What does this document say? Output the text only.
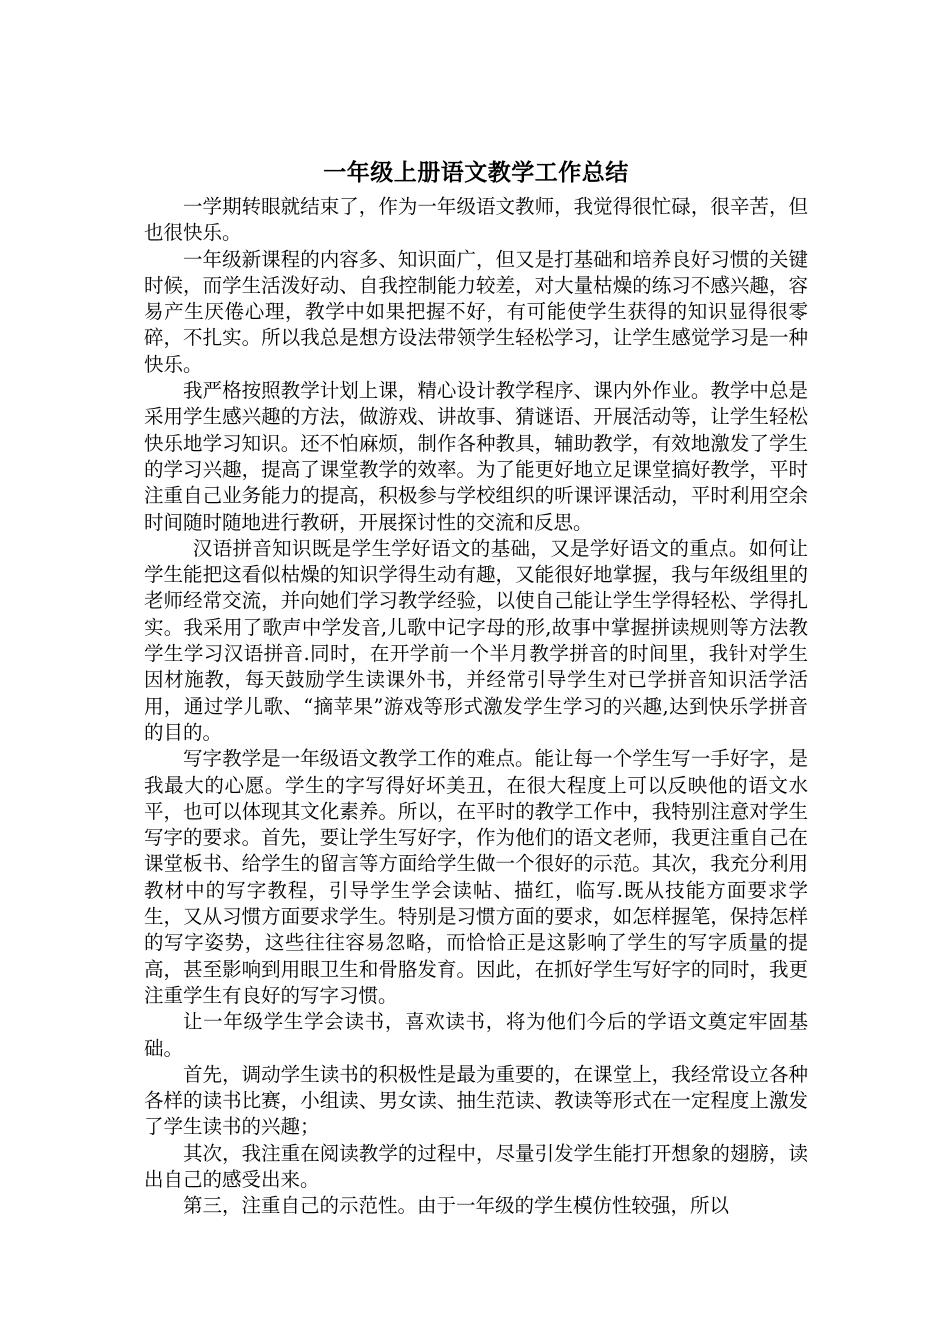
一年级上册语文教学工作总结

一学期转眼就结束了，作为一年级语文教师，我觉得很忙碌，很辛苦，但也很快乐。

一年级新课程的内容多、知识面广，但又是打基础和培养良好习惯的关键时候，而学生活泼好动、自我控制能力较差，对大量枯燥的练习不感兴趣，容易产生厌倦心理，教学中如果把握不好，有可能使学生获得的知识显得很零碎，不扎实。所以我总是想方设法带领学生轻松学习，让学生感觉学习是一种快乐。

我严格按照教学计划上课，精心设计教学程序、课内外作业。教学中总是采用学生感兴趣的方法，做游戏、讲故事、猜谜语、开展活动等，让学生轻松快乐地学习知识。还不怕麻烦，制作各种教具，辅助教学，有效地激发了学生的学习兴趣，提高了课堂教学的效率。为了能更好地立足课堂搞好教学，平时注重自己业务能力的提高，积极参与学校组织的听课评课活动，平时利用空余时间随时随地进行教研，开展探讨性的交流和反思。

汉语拼音知识既是学生学好语文的基础，又是学好语文的重点。如何让学生能把这看似枯燥的知识学得生动有趣，又能很好地掌握，我与年级组里的老师经常交流，并向她们学习教学经验，以使自己能让学生学得轻松、学得扎实。我采用了歌声中学发音,儿歌中记字母的形,故事中掌握拼读规则等方法教学生学习汉语拼音.同时，在开学前一个半月教学拼音的时间里，我针对学生因材施教，每天鼓励学生读课外书，并经常引导学生对已学拼音知识活学活用，通过学儿歌、“摘苹果”游戏等形式激发学生学习的兴趣,达到快乐学拼音的目的。

写字教学是一年级语文教学工作的难点。能让每一个学生写一手好字，是我最大的心愿。学生的字写得好坏美丑，在很大程度上可以反映他的语文水平，也可以体现其文化素养。所以，在平时的教学工作中，我特别注意对学生写字的要求。首先，要让学生写好字，作为他们的语文老师，我更注重自己在课堂板书、给学生的留言等方面给学生做一个很好的示范。其次，我充分利用教材中的写字教程，引导学生学会读帖、描红，临写.既从技能方面要求学生，又从习惯方面要求学生。特别是习惯方面的要求，如怎样握笔，保持怎样的写字姿势，这些往往容易忽略，而恰恰正是这影响了学生的写字质量的提高，甚至影响到用眼卫生和骨胳发育。因此，在抓好学生写好字的同时，我更注重学生有良好的写字习惯。

让一年级学生学会读书，喜欢读书，将为他们今后的学语文奠定牢固基础。

首先，调动学生读书的积极性是最为重要的，在课堂上，我经常设立各种各样的读书比赛，小组读、男女读、抽生范读、教读等形式在一定程度上激发了学生读书的兴趣；

其次，我注重在阅读教学的过程中，尽量引发学生能打开想象的翅膀，读出自己的感受出来。

第三，注重自己的示范性。由于一年级的学生模仿性较强，所以
